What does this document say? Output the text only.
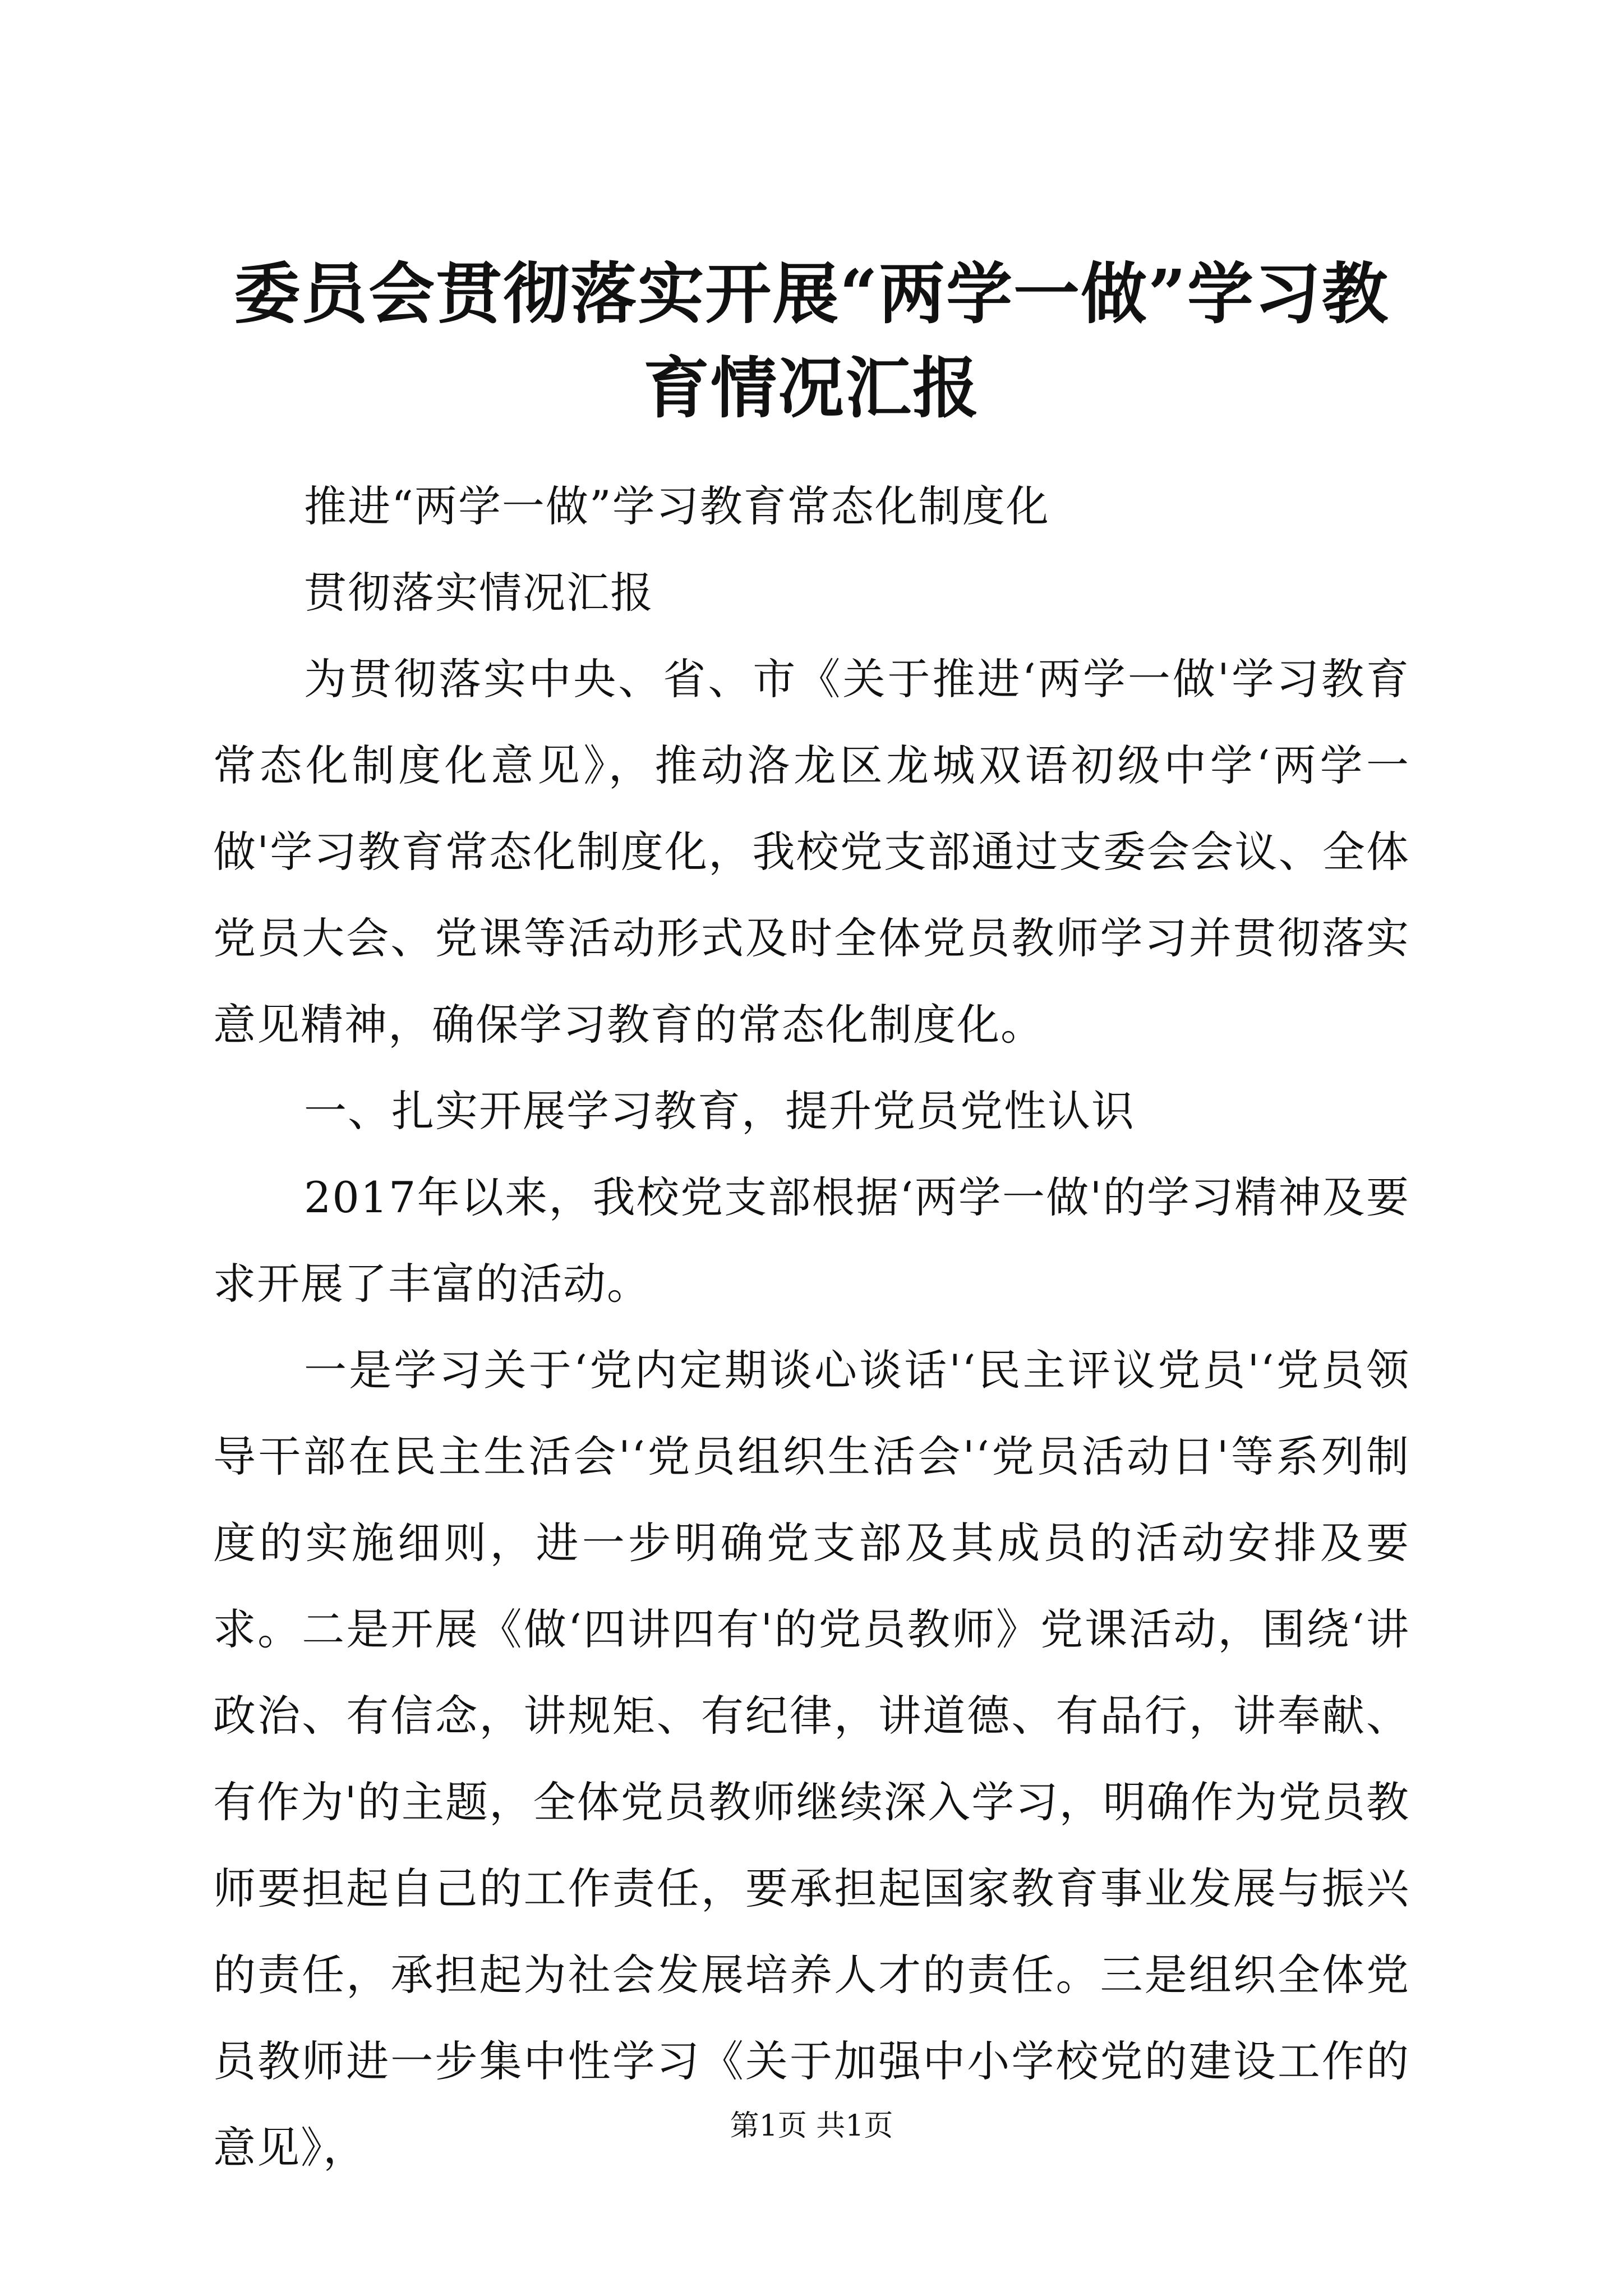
委员会贯彻落实开展“两学一做”学习教育情况汇报

推进“两学一做”学习教育常态化制度化

贯彻落实情况汇报

为贯彻落实中央、省、市《关于推进‘两学一做'学习教育常态化制度化意见》，推动洛龙区龙城双语初级中学‘两学一做'学习教育常态化制度化，我校党支部通过支委会会议、全体党员大会、党课等活动形式及时全体党员教师学习并贯彻落实意见精神，确保学习教育的常态化制度化。

一、扎实开展学习教育，提升党员党性认识

2017年以来，我校党支部根据‘两学一做'的学习精神及要求开展了丰富的活动。

一是学习关于‘党内定期谈心谈话'‘民主评议党员'‘党员领导干部在民主生活会'‘党员组织生活会'‘党员活动日'等系列制度的实施细则，进一步明确党支部及其成员的活动安排及要求。二是开展《做‘四讲四有'的党员教师》党课活动，围绕‘讲政治、有信念，讲规矩、有纪律，讲道德、有品行，讲奉献、有作为'的主题，全体党员教师继续深入学习，明确作为党员教师要担起自己的工作责任，要承担起国家教育事业发展与振兴的责任，承担起为社会发展培养人才的责任。三是组织全体党员教师进一步集中性学习《关于加强中小学校党的建设工作的意见》，	第1页 共1页
